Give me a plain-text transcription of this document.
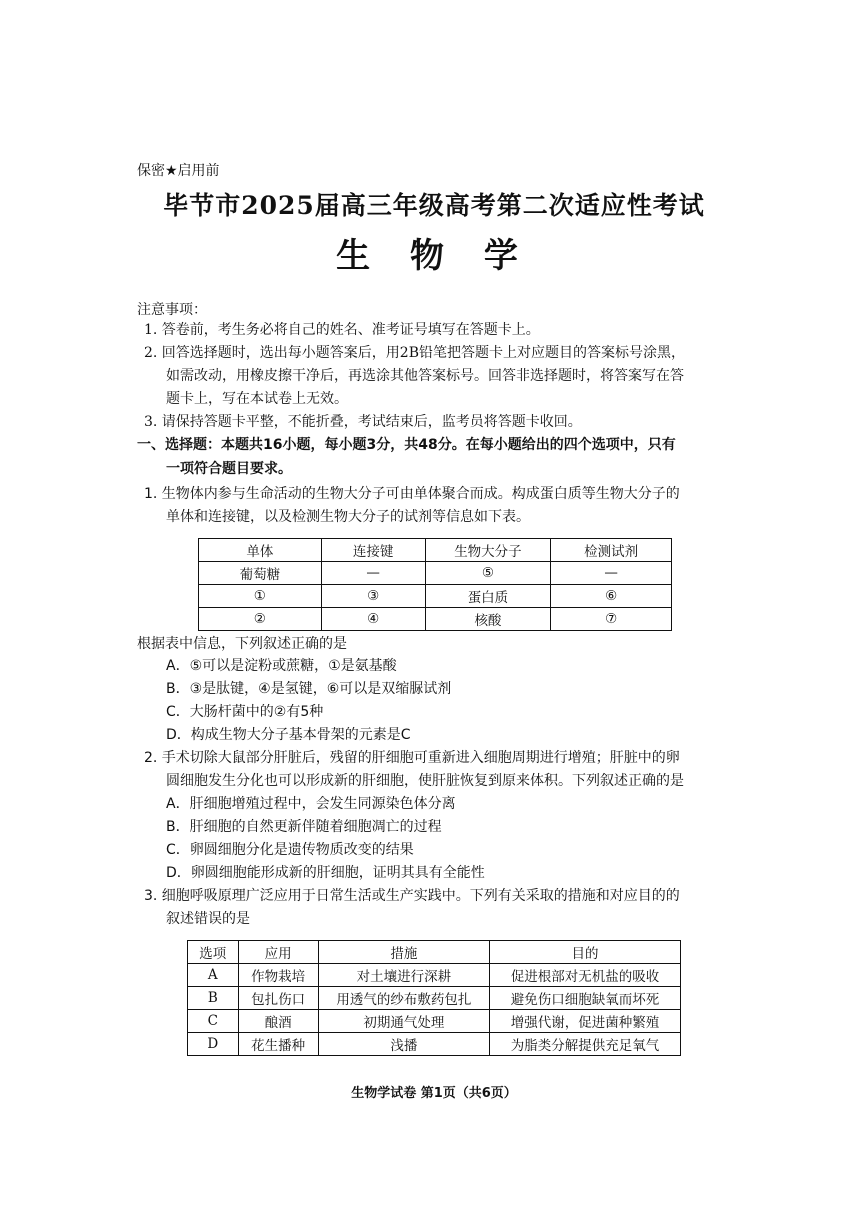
保密★启用前
毕节市2025届高三年级高考第二次适应性考试
生 物 学
注意事项：
1. 答卷前，考生务必将自己的姓名、准考证号填写在答题卡上。
2. 回答选择题时，选出每小题答案后，用2B铅笔把答题卡上对应题目的答案标号涂黑，
如需改动，用橡皮擦干净后，再选涂其他答案标号。回答非选择题时，将答案写在答
题卡上，写在本试卷上无效。
3. 请保持答题卡平整，不能折叠，考试结束后，监考员将答题卡收回。
一、选择题：本题共16小题，每小题3分，共48分。在每小题给出的四个选项中，只有
一项符合题目要求。
1. 生物体内参与生命活动的生物大分子可由单体聚合而成。构成蛋白质等生物大分子的
单体和连接键，以及检测生物大分子的试剂等信息如下表。
单体	连接键	生物大分子	检测试剂
葡萄糖	—	⑤	—
①	③	蛋白质	⑥
②	④	核酸	⑦
根据表中信息，下列叙述正确的是
A．⑤可以是淀粉或蔗糖，①是氨基酸
B．③是肽键，④是氢键，⑥可以是双缩脲试剂
C．大肠杆菌中的②有5种
D．构成生物大分子基本骨架的元素是C
2. 手术切除大鼠部分肝脏后，残留的肝细胞可重新进入细胞周期进行增殖；肝脏中的卵
圆细胞发生分化也可以形成新的肝细胞，使肝脏恢复到原来体积。下列叙述正确的是
A．肝细胞增殖过程中，会发生同源染色体分离
B．肝细胞的自然更新伴随着细胞凋亡的过程
C．卵圆细胞分化是遗传物质改变的结果
D．卵圆细胞能形成新的肝细胞，证明其具有全能性
3. 细胞呼吸原理广泛应用于日常生活或生产实践中。下列有关采取的措施和对应目的的
叙述错误的是
选项	应用	措施	目的
A	作物栽培	对土壤进行深耕	促进根部对无机盐的吸收
B	包扎伤口	用透气的纱布敷药包扎	避免伤口细胞缺氧而坏死
C	酿酒	初期通气处理	增强代谢，促进菌种繁殖
D	花生播种	浅播	为脂类分解提供充足氧气
生物学试卷 第1页（共6页）
